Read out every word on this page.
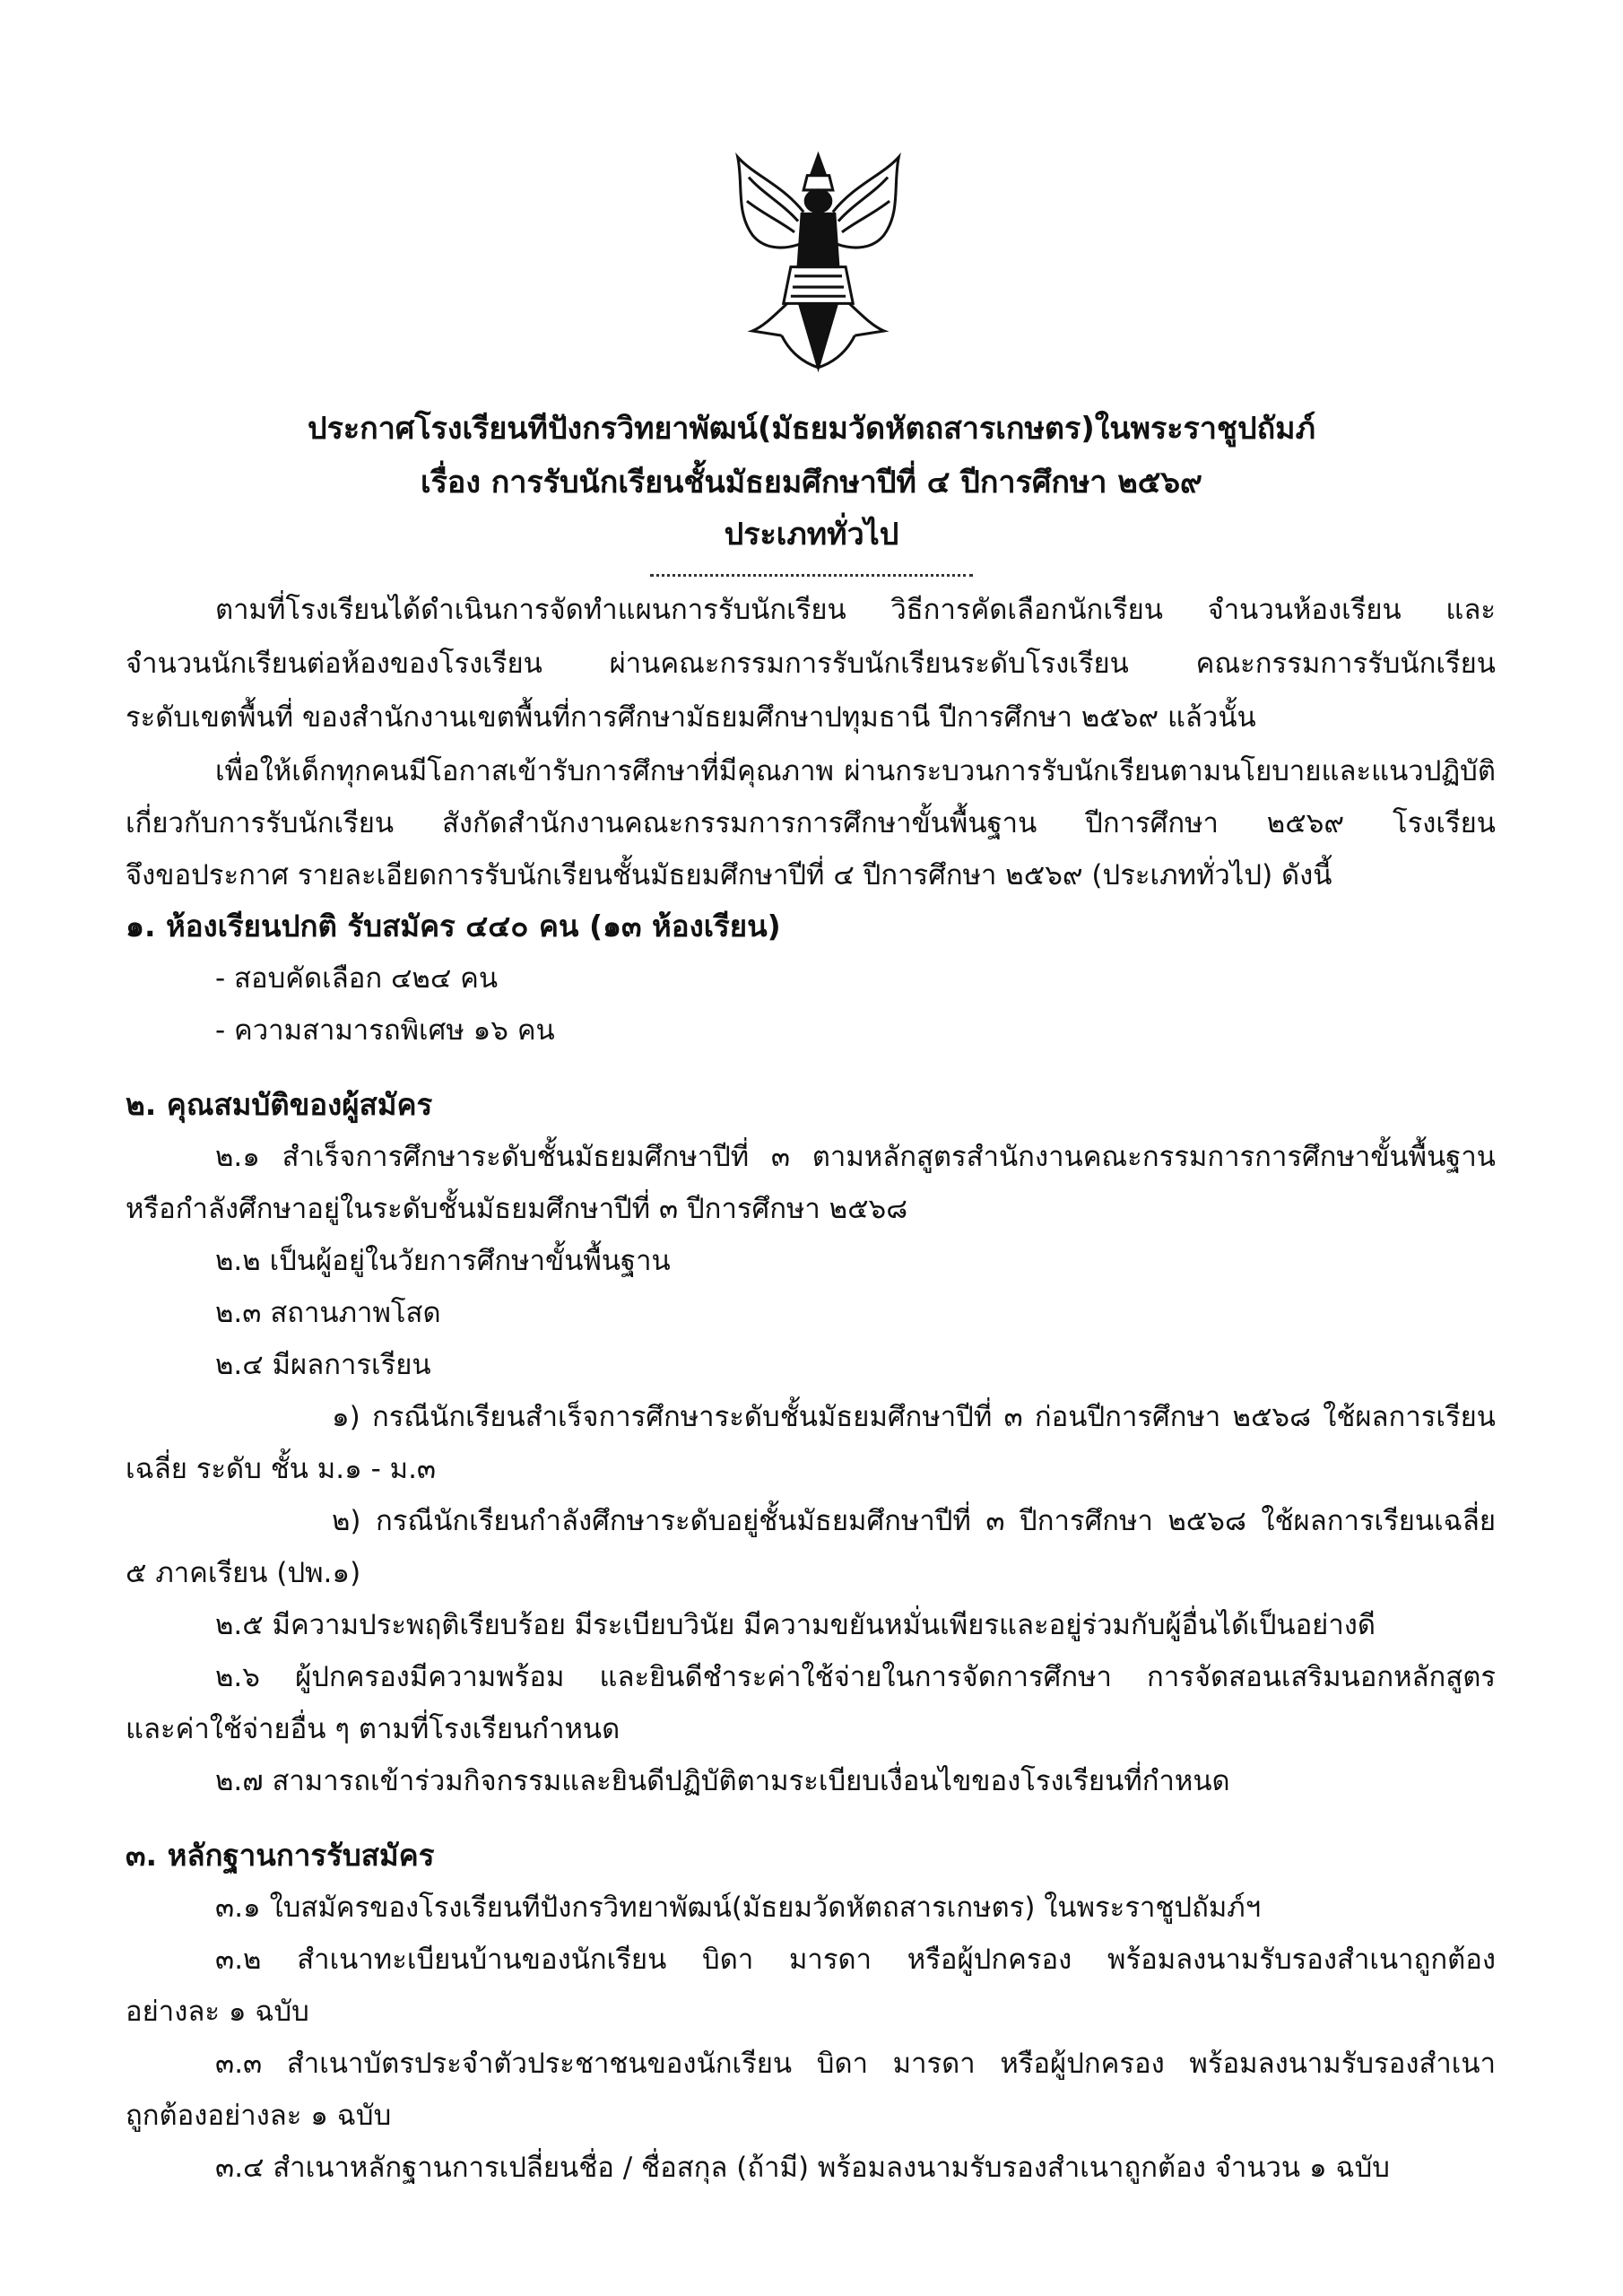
ประกาศโรงเรียนทีปังกรวิทยาพัฒน์(มัธยมวัดหัตถสารเกษตร)ในพระราชูปถัมภ์
เรื่อง การรับนักเรียนชั้นมัธยมศึกษาปีที่ ๔ ปีการศึกษา ๒๕๖๙
ประเภททั่วไป
ตามที่โรงเรียนได้ดำเนินการจัดทำแผนการรับนักเรียน วิธีการคัดเลือกนักเรียน จำนวนห้องเรียน และ
จำนวนนักเรียนต่อห้องของโรงเรียน ผ่านคณะกรรมการรับนักเรียนระดับโรงเรียน คณะกรรมการรับนักเรียน
ระดับเขตพื้นที่ ของสำนักงานเขตพื้นที่การศึกษามัธยมศึกษาปทุมธานี ปีการศึกษา ๒๕๖๙ แล้วนั้น
เพื่อให้เด็กทุกคนมีโอกาสเข้ารับการศึกษาที่มีคุณภาพ ผ่านกระบวนการรับนักเรียนตามนโยบายและแนวปฏิบัติ
เกี่ยวกับการรับนักเรียน สังกัดสำนักงานคณะกรรมการการศึกษาขั้นพื้นฐาน ปีการศึกษา ๒๕๖๙ โรงเรียน
จึงขอประกาศ รายละเอียดการรับนักเรียนชั้นมัธยมศึกษาปีที่ ๔ ปีการศึกษา ๒๕๖๙ (ประเภททั่วไป) ดังนี้
๑. ห้องเรียนปกติ รับสมัคร ๔๔๐ คน (๑๓ ห้องเรียน)
- สอบคัดเลือก ๔๒๔ คน
- ความสามารถพิเศษ ๑๖ คน
๒. คุณสมบัติของผู้สมัคร
๒.๑ สำเร็จการศึกษาระดับชั้นมัธยมศึกษาปีที่ ๓ ตามหลักสูตรสำนักงานคณะกรรมการการศึกษาขั้นพื้นฐาน
หรือกำลังศึกษาอยู่ในระดับชั้นมัธยมศึกษาปีที่ ๓ ปีการศึกษา ๒๕๖๘
๒.๒ เป็นผู้อยู่ในวัยการศึกษาขั้นพื้นฐาน
๒.๓ สถานภาพโสด
๒.๔ มีผลการเรียน
๑) กรณีนักเรียนสำเร็จการศึกษาระดับชั้นมัธยมศึกษาปีที่ ๓ ก่อนปีการศึกษา ๒๕๖๘ ใช้ผลการเรียน
เฉลี่ย ระดับ ชั้น ม.๑ - ม.๓
๒) กรณีนักเรียนกำลังศึกษาระดับอยู่ชั้นมัธยมศึกษาปีที่ ๓ ปีการศึกษา ๒๕๖๘ ใช้ผลการเรียนเฉลี่ย
๕ ภาคเรียน (ปพ.๑)
๒.๕ มีความประพฤติเรียบร้อย มีระเบียบวินัย มีความขยันหมั่นเพียรและอยู่ร่วมกับผู้อื่นได้เป็นอย่างดี
๒.๖ ผู้ปกครองมีความพร้อม และยินดีชำระค่าใช้จ่ายในการจัดการศึกษา การจัดสอนเสริมนอกหลักสูตร
และค่าใช้จ่ายอื่น ๆ ตามที่โรงเรียนกำหนด
๒.๗ สามารถเข้าร่วมกิจกรรมและยินดีปฏิบัติตามระเบียบเงื่อนไขของโรงเรียนที่กำหนด
๓. หลักฐานการรับสมัคร
๓.๑ ใบสมัครของโรงเรียนทีปังกรวิทยาพัฒน์(มัธยมวัดหัตถสารเกษตร) ในพระราชูปถัมภ์ฯ
๓.๒ สำเนาทะเบียนบ้านของนักเรียน บิดา มารดา หรือผู้ปกครอง พร้อมลงนามรับรองสำเนาถูกต้อง
อย่างละ ๑ ฉบับ
๓.๓ สำเนาบัตรประจำตัวประชาชนของนักเรียน บิดา มารดา หรือผู้ปกครอง พร้อมลงนามรับรองสำเนา
ถูกต้องอย่างละ ๑ ฉบับ
๓.๔ สำเนาหลักฐานการเปลี่ยนชื่อ / ชื่อสกุล (ถ้ามี) พร้อมลงนามรับรองสำเนาถูกต้อง จำนวน ๑ ฉบับ
